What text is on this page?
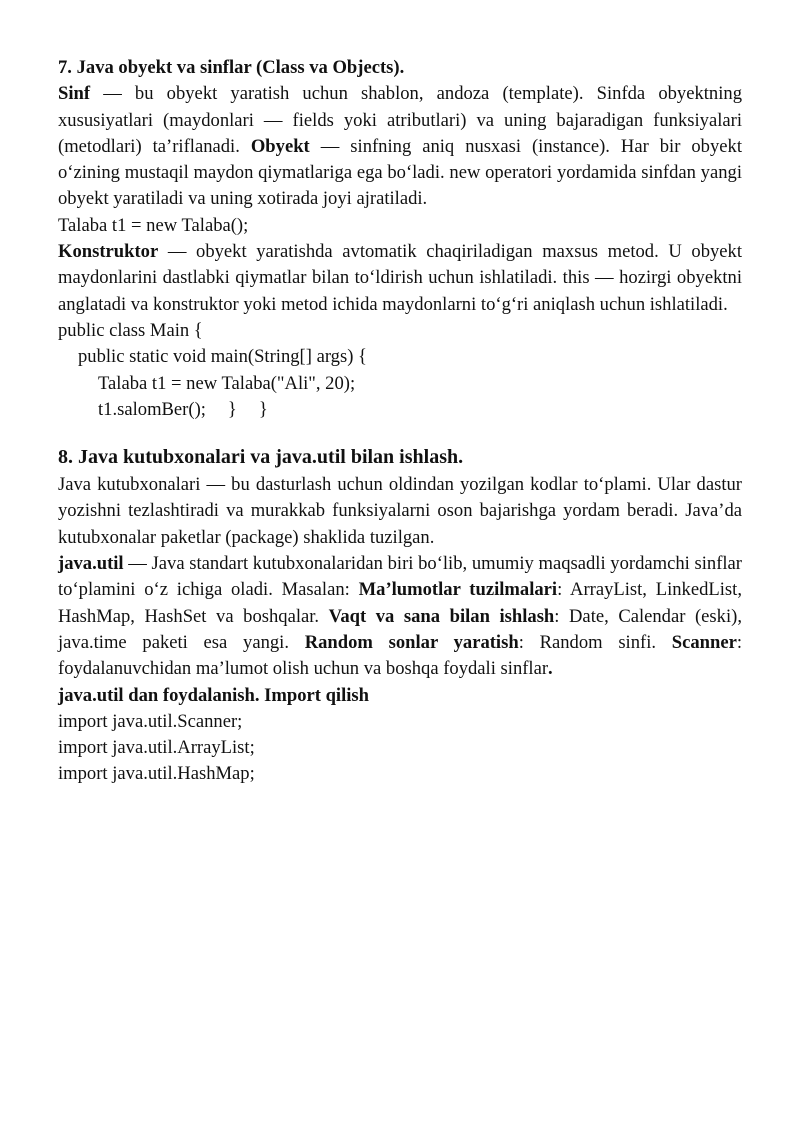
7. Java obyekt va sinflar (Class va Objects).

Sinf — bu obyekt yaratish uchun shablon, andoza (template). Sinfda obyektning xususiyatlari (maydonlari — fields yoki atributlari) va uning bajaradigan funksiyalari (metodlari) ta’riflanadi. Obyekt — sinfning aniq nusxasi (instance). Har bir obyekt o‘zining mustaqil maydon qiymatlariga ega bo‘ladi. new operatori yordamida sinfdan yangi obyekt yaratiladi va uning xotirada joyi ajratiladi.

Talaba t1 = new Talaba();

Konstruktor — obyekt yaratishda avtomatik chaqiriladigan maxsus metod. U obyekt maydonlarini dastlabki qiymatlar bilan to‘ldirish uchun ishlatiladi. this — hozirgi obyektni anglatadi va konstruktor yoki metod ichida maydonlarni to‘g‘ri aniqlash uchun ishlatiladi.

public class Main {

public static void main(String[] args) {

Talaba t1 = new Talaba("Ali", 20);

t1.salomBer(); } }

8. Java kutubxonalari va java.util bilan ishlash.

Java kutubxonalari — bu dasturlash uchun oldindan yozilgan kodlar to‘plami. Ular dastur yozishni tezlashtiradi va murakkab funksiyalarni oson bajarishga yordam beradi. Java’da kutubxonalar paketlar (package) shaklida tuzilgan.

java.util — Java standart kutubxonalaridan biri bo‘lib, umumiy maqsadli yordamchi sinflar to‘plamini o‘z ichiga oladi. Masalan: Ma’lumotlar tuzilmalari: ArrayList, LinkedList, HashMap, HashSet va boshqalar. Vaqt va sana bilan ishlash: Date, Calendar (eski), java.time paketi esa yangi. Random sonlar yaratish: Random sinfi. Scanner: foydalanuvchidan ma’lumot olish uchun va boshqa foydali sinflar.

java.util dan foydalanish. Import qilish

import java.util.Scanner;

import java.util.ArrayList;

import java.util.HashMap;
